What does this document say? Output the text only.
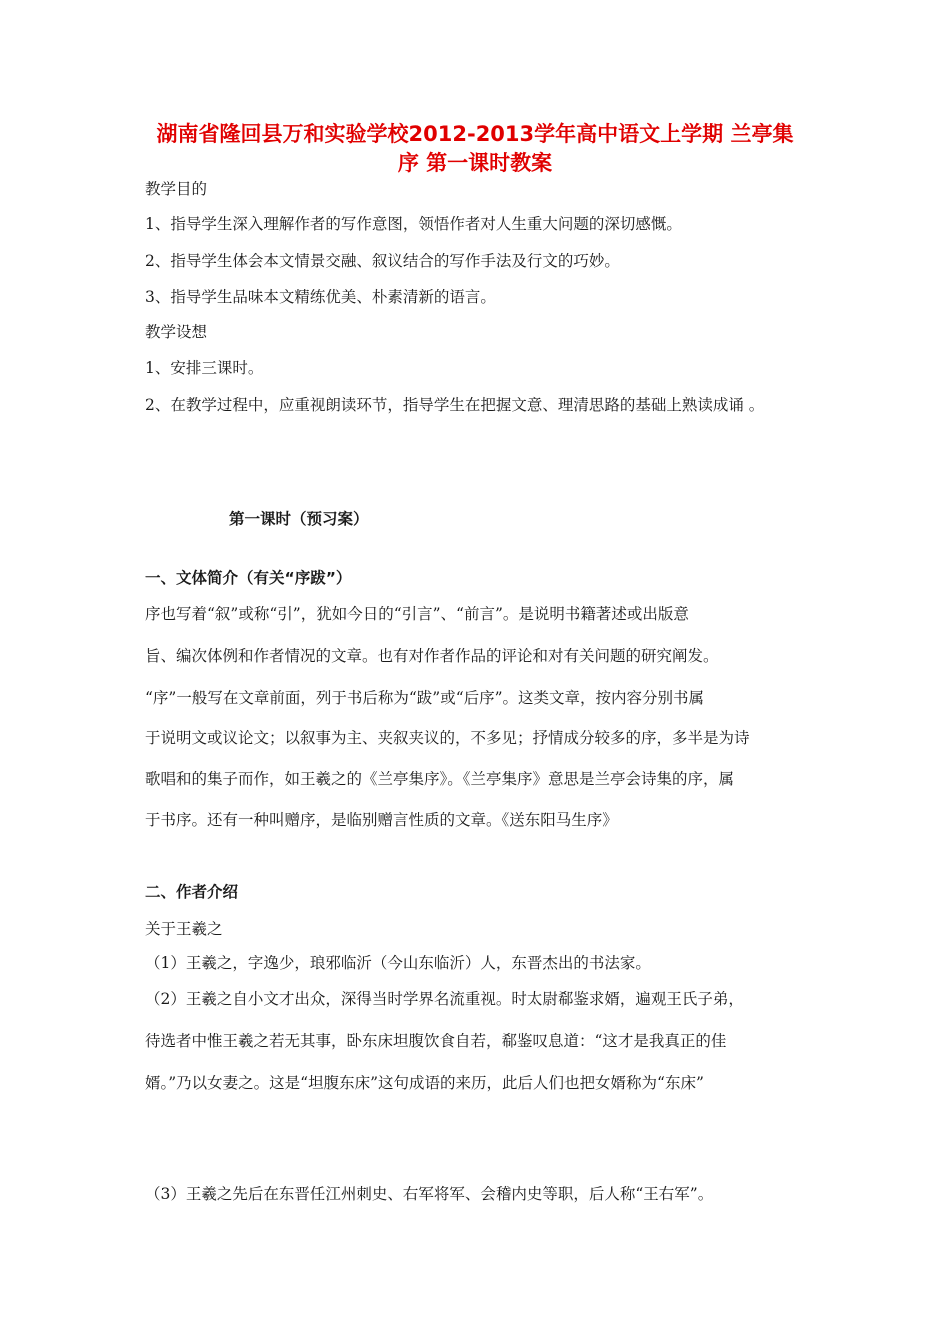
湖南省隆回县万和实验学校2012-2013学年高中语文上学期 兰亭集
序 第一课时教案
教学目的
1、指导学生深入理解作者的写作意图，领悟作者对人生重大问题的深切感慨。
2、指导学生体会本文情景交融、叙议结合的写作手法及行文的巧妙。
3、指导学生品味本文精练优美、朴素清新的语言。
教学设想
1、安排三课时。
2、在教学过程中，应重视朗读环节，指导学生在把握文意、理清思路的基础上熟读成诵 。
第一课时（预习案）
一、文体简介（有关“序跋”）
序也写着“叙”或称“引”，犹如今日的“引言”、“前言”。是说明书籍著述或出版意
旨、编次体例和作者情况的文章。也有对作者作品的评论和对有关问题的研究阐发。
“序”一般写在文章前面，列于书后称为“跋”或“后序”。这类文章，按内容分别书属
于说明文或议论文；以叙事为主、夹叙夹议的，不多见；抒情成分较多的序，多半是为诗
歌唱和的集子而作，如王羲之的《兰亭集序》。《兰亭集序》意思是兰亭会诗集的序，属
于书序。还有一种叫赠序，是临别赠言性质的文章。《送东阳马生序》
二、作者介绍
关于王羲之
（1）王羲之，字逸少，琅邪临沂（今山东临沂）人，东晋杰出的书法家。
（2）王羲之自小文才出众，深得当时学界名流重视。时太尉郗鉴求婿，遍观王氏子弟，
待选者中惟王羲之若无其事，卧东床坦腹饮食自若，郗鉴叹息道：“这才是我真正的佳
婿。”乃以女妻之。这是“坦腹东床”这句成语的来历，此后人们也把女婿称为“东床”
（3）王羲之先后在东晋任江州刺史、右军将军、会稽内史等职，后人称“王右军”。
